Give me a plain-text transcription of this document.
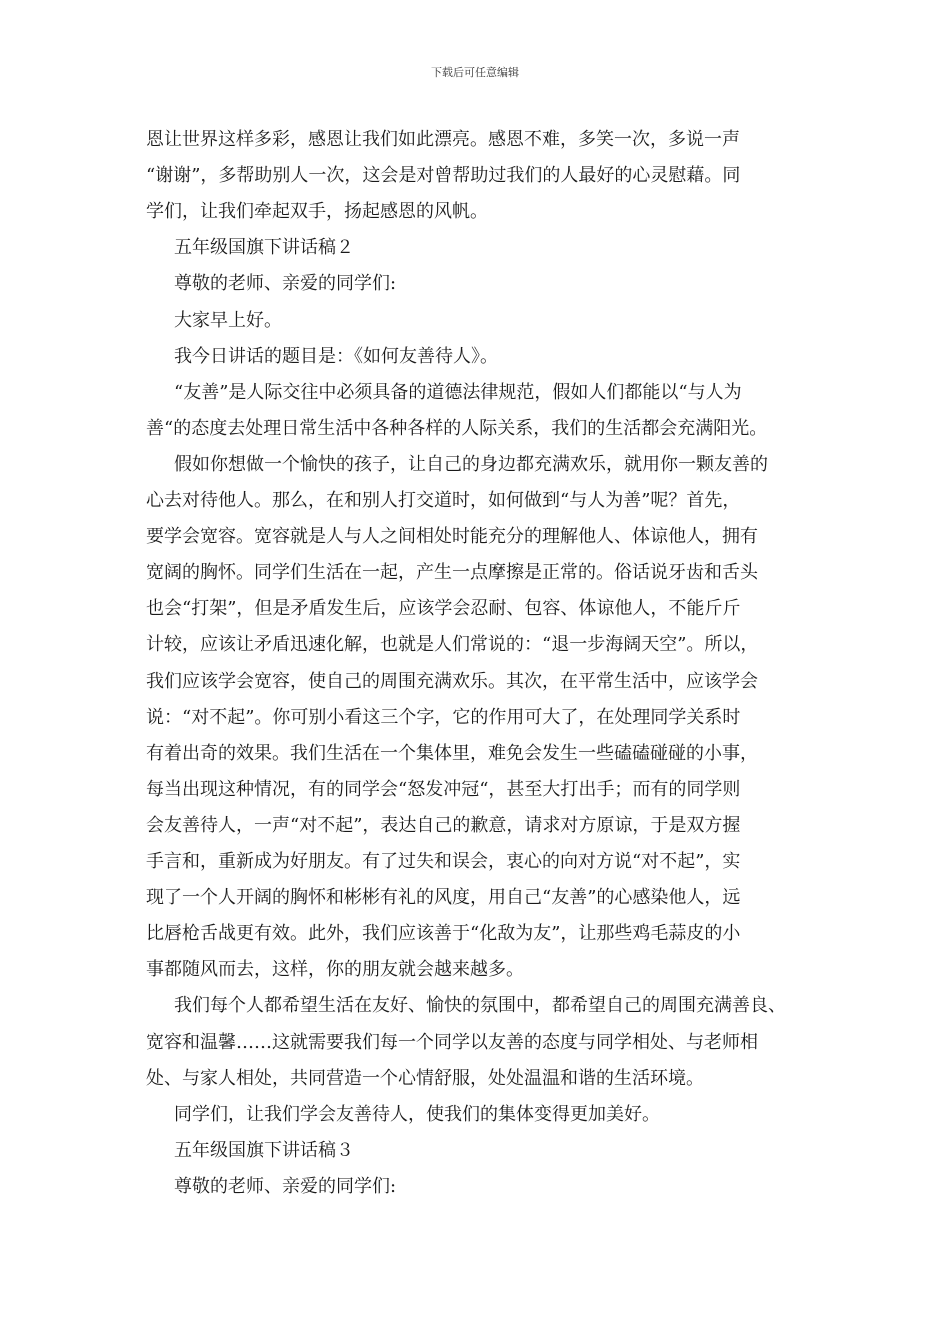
下载后可任意编辑
恩让世界这样多彩，感恩让我们如此漂亮。感恩不难，多笑一次，多说一声
“谢谢”，多帮助别人一次，这会是对曾帮助过我们的人最好的心灵慰藉。同
学们，让我们牵起双手，扬起感恩的风帆。
五年级国旗下讲话稿２
尊敬的老师、亲爱的同学们:
大家早上好。
我今日讲话的题目是：《如何友善待人》。
“友善”是人际交往中必须具备的道德法律规范，假如人们都能以“与人为
善“的态度去处理日常生活中各种各样的人际关系，我们的生活都会充满阳光。
假如你想做一个愉快的孩子，让自己的身边都充满欢乐，就用你一颗友善的
心去对待他人。那么，在和别人打交道时，如何做到“与人为善”呢？首先，
要学会宽容。宽容就是人与人之间相处时能充分的理解他人、体谅他人，拥有
宽阔的胸怀。同学们生活在一起，产生一点摩擦是正常的。俗话说牙齿和舌头
也会“打架”，但是矛盾发生后，应该学会忍耐、包容、体谅他人，不能斤斤
计较，应该让矛盾迅速化解，也就是人们常说的：“退一步海阔天空”。所以，
我们应该学会宽容，使自己的周围充满欢乐。其次，在平常生活中，应该学会
说：“对不起”。你可别小看这三个字，它的作用可大了，在处理同学关系时
有着出奇的效果。我们生活在一个集体里，难免会发生一些磕磕碰碰的小事，
每当出现这种情况，有的同学会“怒发冲冠“，甚至大打出手；而有的同学则
会友善待人，一声“对不起”，表达自己的歉意，请求对方原谅，于是双方握
手言和，重新成为好朋友。有了过失和误会，衷心的向对方说“对不起”，实
现了一个人开阔的胸怀和彬彬有礼的风度，用自己“友善”的心感染他人，远
比唇枪舌战更有效。此外，我们应该善于“化敌为友”，让那些鸡毛蒜皮的小
事都随风而去，这样，你的朋友就会越来越多。
我们每个人都希望生活在友好、愉快的氛围中，都希望自己的周围充满善良、
宽容和温馨……这就需要我们每一个同学以友善的态度与同学相处、与老师相
处、与家人相处，共同营造一个心情舒服，处处温温和谐的生活环境。
同学们，让我们学会友善待人，使我们的集体变得更加美好。
五年级国旗下讲话稿３
尊敬的老师、亲爱的同学们:
